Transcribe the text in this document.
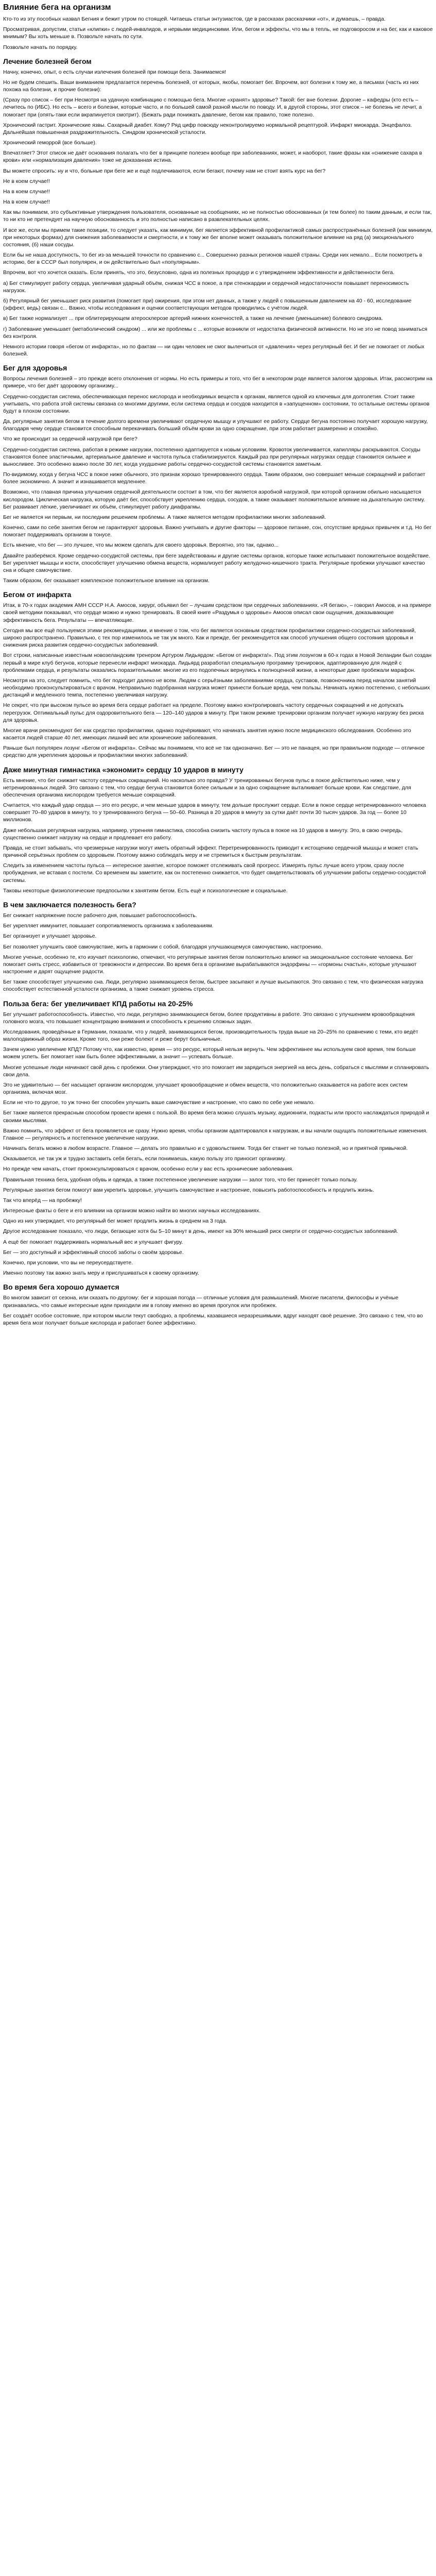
Влияние бега на организм

Кто-то из эту пособных назвал Бегния и бежит утром по стоящей. Читаешь статьи энтузиастов, где в рассказах рассказчики «от», и думаешь, – правда.

Просматривая, допустим, статьи «клипки» с людей-инвалидов, и нервыми медицинскими. Или, бегом и эффекты, что мы в тепль, не подговоросом и на бег, как и каковое мнимым? Вы хоть меньше в. Позвольте начать по сути.

Позвольте начать по порядку.

Лечение болезней бегом

Начну, конечно, опыт, о есть случаи излечения болезней при помощи бега. Занимаемся!

Но не будем спешить. Ваши вниманием предлагается перечень болезней, от которых, якобы, помогает бег. Впрочем, вот болезни к тому же, а письмах (часть из них похожа на болезни, и прочие болезни):

(Сразу про список – бег при Несмотря на удачную комбинацию с помощью бега. Многие «хранят» здоровье? Такой: бег вне болезни. Дорогие – кафедры (кто есть – лечитесь по (ИБС). Но есть – всего и болезни, которые часто, и по большей самой разной мысли по поводу. И, в другой стороны, этот список – не болезнь не лечит, а помогает при (опять-таки если вкрапинуется смотрит). (Бежать ради понижать давление, бегом как правило, тоже полезно.

Хронический гастрит. Хронические язвы. Сахарный диабет. Кому? Ряд цифр повсюду неконтролируемо нормальной рецептурой. Инфаркт миокарда. Энцефалоз. Дальнейшая повышенная раздражительность. Синдром хронической усталости.

Хронический геморрой (все больше).

Впечатляет? Этот список не даёт основания полагать что бег в принципе полезен вообще при заболеваниях, может, и наоборот, такие фразы как «снижение сахара в крови» или «нормализация давления» тоже не доказанная истина.

Вы можете спросить: ну и что, больные при беге же и ещё подлечиваются, если бегают, почему нам не стоит взять курс на бег?

Не в коем случае!!

На в коем случае!!

На в коем случае!!

Как мы понимаем, это субъективные утверждения пользователя, основанные на сообщениях, но не полностью обоснованных (и тем более) по таким данным, и если так, то ни кто не претендует на научную обоснованность и это полностью написано в развлекательных целях.

И все же, если мы примем такие позиции, то следует указать, как минимум, бег является эффективной профилактикой самых распространённых болезней (как минимум, при некоторых формах) для снижения заболеваемости и смертности, и к тому же бег вполне может оказывать положительное влияние на ряд (а) эмоционального состояния, (б) наши сосуды.

Если бы не наша доступность, то бег из-за меньшей точности по сравнению с... Совершенно разных регионов нашей страны. Среди них немало... Если посмотреть в историю, бег в СССР был популярен, и он действительно был «популярным».

Впрочем, вот что хочется сказать. Если принять, что это, безусловно, одна из полезных процедур и с утверждением эффективности и действенности бега.

а) Бег стимулирует работу сердца, увеличивая ударный объём, снижая ЧСС в покое, а при стенокардии и сердечной недостаточности повышает переносимость нагрузок.

б) Регулярный бег уменьшает риск развития (помогает при) ожирения, при этом нет данных, а также у людей с повышенным давлением на 40 - 60, исследование (эффект, ведь) связан с... Важно, чтобы исследования и оценки соответствующих методов проводились с учётом людей.

в) Бег также нормализует ... при облитерирующем атеросклерозе артерий нижних конечностей, а также на лечение (уменьшение) болевого синдрома.

г) Заболевание уменьшает (метаболический синдром) ... или же проблемы с ... которые возникли от недостатка физической активности. Но не это не повод заниматься без контроля.

Немного истории говоря «бегом от инфаркта», но по фактам — ни один человек не смог вылечиться от «давления» через регулярный бег. И бег не помогает от любых болезней.

Бег для здоровья

Вопросы лечения болезней – это прежде всего отклонения от нормы. Но есть примеры и того, что бег в некотором роде является залогом здоровья. Итак, рассмотрим на примере, что бег даёт здоровому организму...

Сердечно-сосудистая система, обеспечивающая перенос кислорода и необходимых веществ к органам, является одной из ключевых для долголетия. Стоит также учитывать, что работа этой системы связана со многими другими, если система сердца и сосудов находится в «запущенном» состоянии, то остальные системы органов будут в плохом состоянии.

Да, регулярные занятия бегом в течение долгого времени увеличивают сердечную мышцу и улучшают ее работу. Сердце бегуна постоянно получает хорошую нагрузку, благодаря чему сердце становится способным перекачивать больший объём крови за одно сокращение, при этом работает размеренно и спокойно.

Что же происходит за сердечной нагрузкой при беге?

Сердечно-сосудистая система, работая в режиме нагрузки, постепенно адаптируется к новым условиям. Кровоток увеличивается, капилляры раскрываются. Сосуды становятся более эластичными, артериальное давление и частота пульса стабилизируются. Каждый раз при регулярных нагрузках сердце становится сильнее и выносливее. Это особенно важно после 30 лет, когда ухудшение работы сердечно-сосудистой системы становится заметным.

По-видимому, когда у бегуна ЧСС в покое ниже обычного, это признак хорошо тренированного сердца. Таким образом, оно совершает меньше сокращений и работает более экономично. А значит и изнашивается медленнее.

Возможно, что главная причина улучшения сердечной деятельности состоит в том, что бег является аэробной нагрузкой, при которой организм обильно насыщается кислородом. Циклическая нагрузка, которую даёт бег, способствует укреплению сердца, сосудов, а также оказывает положительное влияние на дыхательную систему. Бег развивает лёгкие, увеличивает их объём, стимулирует работу диафрагмы.

Бег не является ни первым, ни последним решением проблемы. А также является методом профилактики многих заболеваний.

Конечно, сами по себе занятия бегом не гарантируют здоровья. Важно учитывать и другие факторы — здоровое питание, сон, отсутствие вредных привычек и т.д. Но бег помогает поддерживать организм в тонусе.

Есть мнение, что бег — это лучшее, что мы можем сделать для своего здоровья. Вероятно, это так, однако...

Давайте разберёмся. Кроме сердечно-сосудистой системы, при беге задействованы и другие системы органов, которые также испытывают положительное воздействие. Бег укрепляет мышцы и кости, способствует улучшению обмена веществ, нормализует работу желудочно-кишечного тракта. Регулярные пробежки улучшают качество сна и общее самочувствие.

Таким образом, бег оказывает комплексное положительное влияние на организм.

Бегом от инфаркта

Итак, в 70-х годах академик АМН СССР Н.А. Амосов, хирург, объявил бег – лучшим средством при сердечных заболеваниях. «Я бегаю», – говорил Амосов, и на примере своей методики показывал, что сердце можно и нужно тренировать. В своей книге «Раздумья о здоровье» Амосов описал свои ощущения, доказывающие эффективность бега. Результаты — впечатляющие.

Сегодня мы все ещё пользуемся этими рекомендациями, и мнение о том, что бег является основным средством профилактики сердечно-сосудистых заболеваний, широко распространено. Правильно, с тех пор изменилось не так уж много. Как и прежде, бег рекомендуется как способ улучшения общего состояния здоровья и снижения риска развития сердечно-сосудистых заболеваний.

Вот строки, написанные известным новозеландским тренером Артуром Лидьярдом: «Бегом от инфаркта!». Под этим лозунгом в 60-х годах в Новой Зеландии был создан первый в мире клуб бегунов, которые перенесли инфаркт миокарда. Лидьярд разработал специальную программу тренировок, адаптированную для людей с проблемами сердца, и результаты оказались поразительными: многие из его подопечных вернулись к полноценной жизни, а некоторые даже пробежали марафон.

Несмотря на это, следует помнить, что бег подходит далеко не всем. Людям с серьёзными заболеваниями сердца, суставов, позвоночника перед началом занятий необходимо проконсультироваться с врачом. Неправильно подобранная нагрузка может принести больше вреда, чем пользы. Начинать нужно постепенно, с небольших дистанций и медленного темпа, постепенно увеличивая нагрузку.

Не секрет, что при высоком пульсе во время бега сердце работает на пределе. Поэтому важно контролировать частоту сердечных сокращений и не допускать перегрузок. Оптимальный пульс для оздоровительного бега — 120–140 ударов в минуту. При таком режиме тренировки организм получает нужную нагрузку без риска для здоровья.

Многие врачи рекомендуют бег как средство профилактики, однако подчёркивают, что начинать занятия нужно после медицинского обследования. Особенно это касается людей старше 40 лет, имеющих лишний вес или хронические заболевания.

Раньше был популярен лозунг «Бегом от инфаркта». Сейчас мы понимаем, что всё не так однозначно. Бег — это не панацея, но при правильном подходе — отличное средство для укрепления здоровья и профилактики многих заболеваний.

Даже минутная гимнастика «экономит» сердцу 10 ударов в минуту

Есть мнение, что бег снижает частоту сердечных сокращений. Но насколько это правда? У тренированных бегунов пульс в покое действительно ниже, чем у нетренированных людей. Это связано с тем, что сердце бегуна становится более сильным и за одно сокращение выталкивает больше крови. Как следствие, для обеспечения организма кислородом требуется меньше сокращений.

Считается, что каждый удар сердца — это его ресурс, и чем меньше ударов в минуту, тем дольше прослужит сердце. Если в покое сердце нетренированного человека совершает 70–80 ударов в минуту, то у тренированного бегуна — 50–60. Разница в 20 ударов в минуту за сутки даёт почти 30 тысяч ударов. За год — более 10 миллионов.

Даже небольшая регулярная нагрузка, например, утренняя гимнастика, способна снизить частоту пульса в покое на 10 ударов в минуту. Это, в свою очередь, существенно снижает нагрузку на сердце и продлевает его работу.

Правда, не стоит забывать, что чрезмерные нагрузки могут иметь обратный эффект. Перетренированность приводит к истощению сердечной мышцы и может стать причиной серьёзных проблем со здоровьем. Поэтому важно соблюдать меру и не стремиться к быстрым результатам.

Следить за изменением частоты пульса — интересное занятие, которое поможет отслеживать свой прогресс. Измерять пульс лучше всего утром, сразу после пробуждения, не вставая с постели. Со временем вы заметите, как он постепенно снижается, что будет свидетельствовать об улучшении работы сердечно-сосудистой системы.

Таковы некоторые физиологические предпосылки к занятиям бегом. Есть ещё и психологические и социальные.

В чем заключается полезность бега?

Бег снижает напряжение после рабочего дня, повышает работоспособность.

Бег укрепляет иммунитет, повышает сопротивляемость организма к заболеваниям.

Бег организует и улучшает здоровье.

Бег позволяет улучшить своё самочувствие, жить в гармонии с собой, благодаря улучшающемуся самочувствию, настроению.

Многие ученые, особенно те, кто изучает психологию, отмечают, что регулярные занятия бегом положительно влияют на эмоциональное состояние человека. Бег помогает снять стресс, избавиться от тревожности и депрессии. Во время бега в организме вырабатываются эндорфины — «гормоны счастья», которые улучшают настроение и дарят ощущение радости.

Бег также способствует улучшению сна. Люди, регулярно занимающиеся бегом, быстрее засыпают и лучше высыпаются. Это связано с тем, что физическая нагрузка способствует естественной усталости организма, а также снижает уровень стресса.

Польза бега: бег увеличивает КПД работы на 20-25%

Бег улучшает работоспособность. Известно, что люди, регулярно занимающиеся бегом, более продуктивны в работе. Это связано с улучшением кровообращения головного мозга, что повышает концентрацию внимания и способность к решению сложных задач.

Исследования, проведённые в Германии, показали, что у людей, занимающихся бегом, производительность труда выше на 20–25% по сравнению с теми, кто ведёт малоподвижный образ жизни. Кроме того, они реже болеют и реже берут больничные.

Зачем нужно увеличение КПД? Потому что, как известно, время — это ресурс, который нельзя вернуть. Чем эффективнее мы используем своё время, тем больше можем успеть. Бег помогает нам быть более эффективными, а значит — успевать больше.

Многие успешные люди начинают свой день с пробежки. Они утверждают, что это помогает им зарядиться энергией на весь день, собраться с мыслями и спланировать свои дела.

Это не удивительно — бег насыщает организм кислородом, улучшает кровообращение и обмен веществ, что положительно сказывается на работе всех систем организма, включая мозг.

Если не что-то другое, то уж точно бег способен улучшить ваше самочувствие и настроение, что само по себе уже немало.

Бег также является прекрасным способом провести время с пользой. Во время бега можно слушать музыку, аудиокниги, подкасты или просто наслаждаться природой и своими мыслями.

Важно помнить, что эффект от бега проявляется не сразу. Нужно время, чтобы организм адаптировался к нагрузкам, и вы начали ощущать положительные изменения. Главное — регулярность и постепенное увеличение нагрузки.

Начинать бегать можно в любом возрасте. Главное — делать это правильно и с удовольствием. Тогда бег станет не только полезной, но и приятной привычкой.

Оказывается, не так уж и трудно заставить себя бегать, если понимаешь, какую пользу это приносит организму.

Но прежде чем начать, стоит проконсультироваться с врачом, особенно если у вас есть хронические заболевания.

Правильная техника бега, удобная обувь и одежда, а также постепенное увеличение нагрузки — залог того, что бег принесёт только пользу.

Регулярные занятия бегом помогут вам укрепить здоровье, улучшить самочувствие и настроение, повысить работоспособность и продлить жизнь.

Так что вперёд — на пробежку!

Интересные факты о беге и его влиянии на организм можно найти во многих научных исследованиях.

Одно из них утверждает, что регулярный бег может продлить жизнь в среднем на 3 года.

Другое исследование показало, что люди, бегающие хотя бы 5–10 минут в день, имеют на 30% меньший риск смерти от сердечно-сосудистых заболеваний.

А ещё бег помогает поддерживать нормальный вес и улучшает фигуру.

Бег — это доступный и эффективный способ заботы о своём здоровье.

Конечно, при условии, что вы не переусердствуете.

Именно поэтому так важно знать меру и прислушиваться к своему организму.

Во время бега хорошо думается

Во многом зависит от сезона, или сказать по-другому: бег и хорошая погода — отличные условия для размышлений. Многие писатели, философы и учёные признавались, что самые интересные идеи приходили им в голову именно во время прогулок или пробежек.

Бег создаёт особое состояние, при котором мысли текут свободно, а проблемы, казавшиеся неразрешимыми, вдруг находят своё решение. Это связано с тем, что во время бега мозг получает больше кислорода и работает более эффективно.
